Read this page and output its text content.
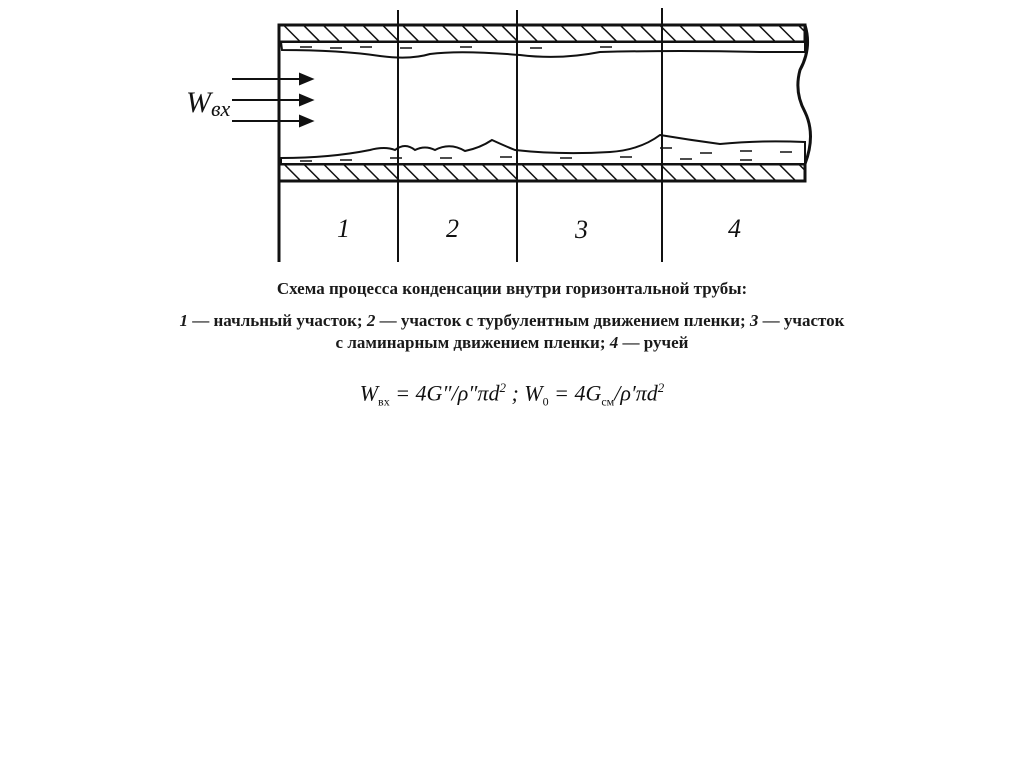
Wвх
1	2	3	4
Схема процесса конденсации внутри горизонтальной трубы:
1 — начльный участок; 2 — участок с турбулентным движением пленки; 3 — участок
с ламинарным движением пленки; 4 — ручей
$W_{вх} = 4G''/\rho''\pi d^2$ ; $W_0 = 4G_{см}/\rho'\pi d^2$
